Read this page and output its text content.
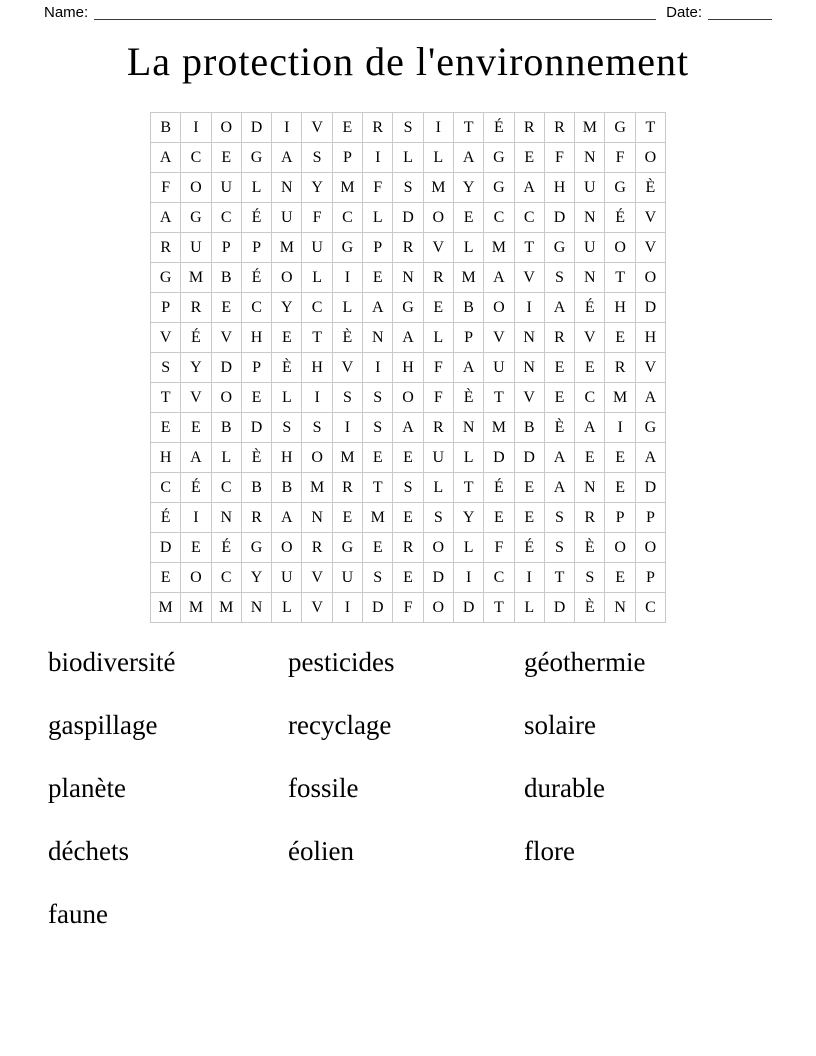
Name:	Date:
La protection de l'environnement
B	I	O	D	I	V	E	R	S	I	T	É	R	R	M	G	T
A	C	E	G	A	S	P	I	L	L	A	G	E	F	N	F	O
F	O	U	L	N	Y	M	F	S	M	Y	G	A	H	U	G	È
A	G	C	É	U	F	C	L	D	O	E	C	C	D	N	É	V
R	U	P	P	M	U	G	P	R	V	L	M	T	G	U	O	V
G	M	B	É	O	L	I	E	N	R	M	A	V	S	N	T	O
P	R	E	C	Y	C	L	A	G	E	B	O	I	A	É	H	D
V	É	V	H	E	T	È	N	A	L	P	V	N	R	V	E	H
S	Y	D	P	È	H	V	I	H	F	A	U	N	E	E	R	V
T	V	O	E	L	I	S	S	O	F	È	T	V	E	C	M	A
E	E	B	D	S	S	I	S	A	R	N	M	B	È	A	I	G
H	A	L	È	H	O	M	E	E	U	L	D	D	A	E	E	A
C	É	C	B	B	M	R	T	S	L	T	É	E	A	N	E	D
É	I	N	R	A	N	E	M	E	S	Y	E	E	S	R	P	P
D	E	É	G	O	R	G	E	R	O	L	F	É	S	È	O	O
E	O	C	Y	U	V	U	S	E	D	I	C	I	T	S	E	P
M	M	M	N	L	V	I	D	F	O	D	T	L	D	È	N	C
biodiversité	pesticides	géothermie
gaspillage	recyclage	solaire
planète	fossile	durable
déchets	éolien	flore
faune
